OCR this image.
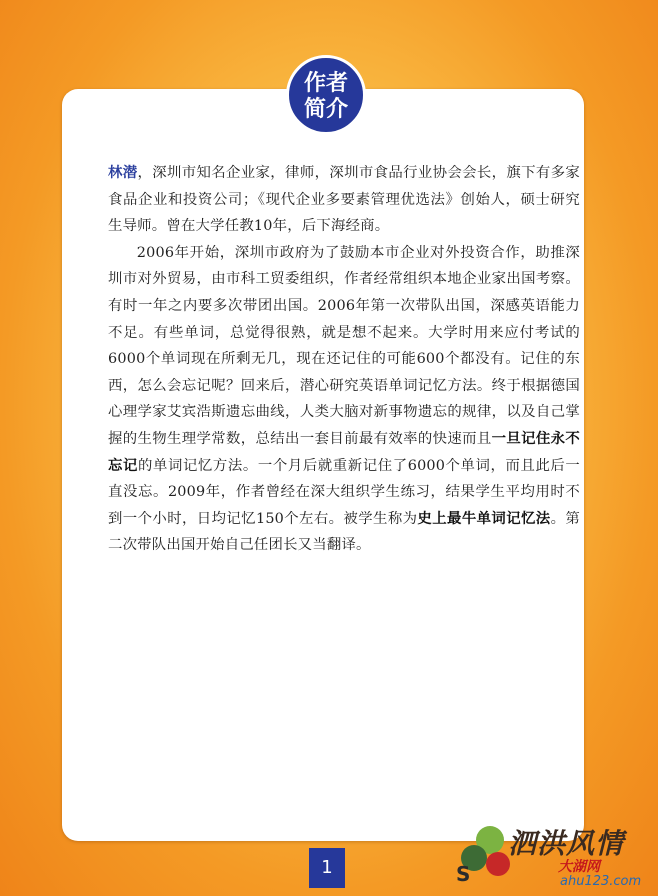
作者
简介

林潜，深圳市知名企业家，律师，深圳市食品行业协会会长，旗下有多家食品企业和投资公司；《现代企业多要素管理优选法》创始人，硕士研究生导师。曾在大学任教10年，后下海经商。

2006年开始，深圳市政府为了鼓励本市企业对外投资合作，助推深圳市对外贸易，由市科工贸委组织，作者经常组织本地企业家出国考察。有时一年之内要多次带团出国。2006年第一次带队出国，深感英语能力不足。有些单词，总觉得很熟，就是想不起来。大学时用来应付考试的6000个单词现在所剩无几，现在还记住的可能600个都没有。记住的东西，怎么会忘记呢？回来后，潜心研究英语单词记忆方法。终于根据德国心理学家艾宾浩斯遗忘曲线，人类大脑对新事物遗忘的规律，以及自己掌握的生物生理学常数，总结出一套目前最有效率的快速而且一旦记住永不忘记的单词记忆方法。一个月后就重新记住了6000个单词，而且此后一直没忘。2009年，作者曾经在深大组织学生练习，结果学生平均用时不到一个小时，日均记忆150个左右。被学生称为史上最牛单词记忆法。第二次带队出国开始自己任团长又当翻译。

1
泗洪风情
S	大湖网
ahu123.com
